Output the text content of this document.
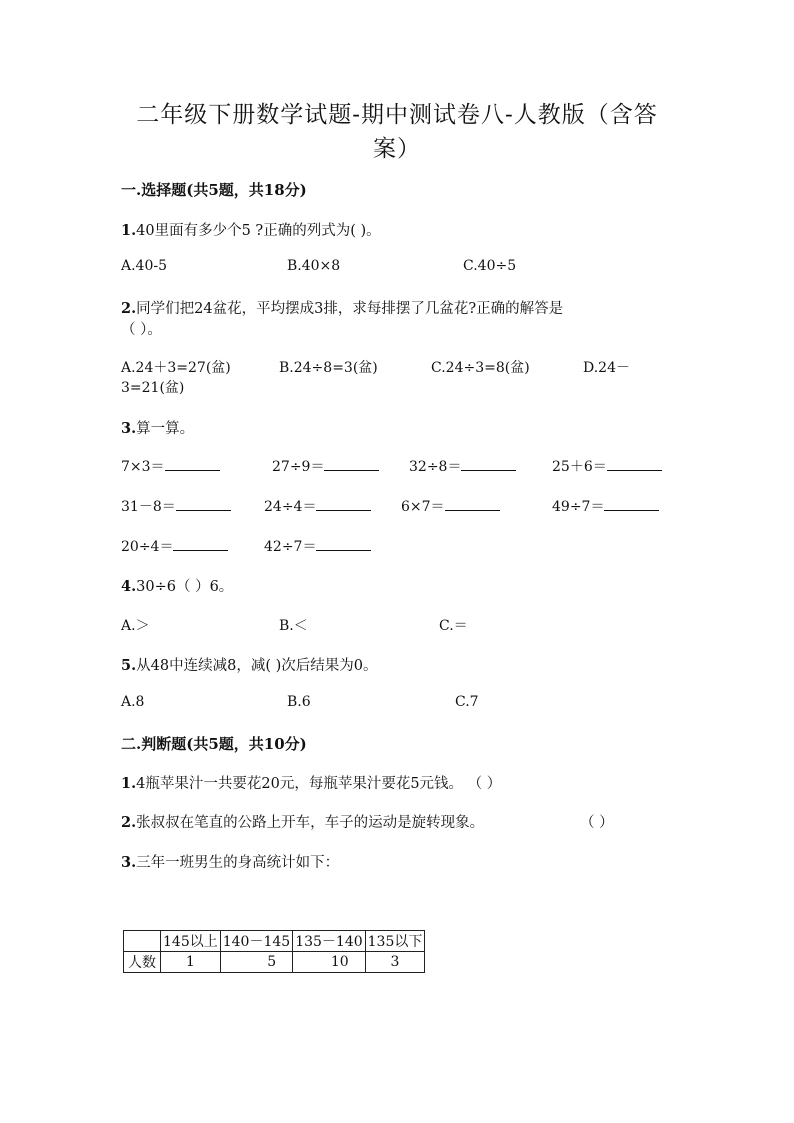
二年级下册数学试题-期中测试卷八-人教版（含答
案）
一.选择题(共5题，共18分)
1.40里面有多少个5 ?正确的列式为( )。
A.40-5	B.40×8	C.40÷5
2.同学们把24盆花，平均摆成3排，求每排摆了几盆花?正确的解答是
（ ）。
A.24＋3=27(盆)	B.24÷8=3(盆)	C.24÷3=8(盆)	D.24－
3=21(盆)
3.算一算。
7×3＝	27÷9＝	32÷8＝	25＋6＝
31－8＝	24÷4＝	6×7＝	49÷7＝
20÷4＝	42÷7＝
4.30÷6（ ）6。
A.＞	B.＜	C.＝
5.从48中连续减8，减( )次后结果为0。
A.8	B.6	C.7
二.判断题(共5题，共10分)
1.4瓶苹果汁一共要花20元，每瓶苹果汁要花5元钱。 （ ）
2.张叔叔在笔直的公路上开车，车子的运动是旋转现象。	（ ）
3.三年一班男生的身高统计如下：
	145以上	140－145	135－140	135以下
人数	1	5	10	3
